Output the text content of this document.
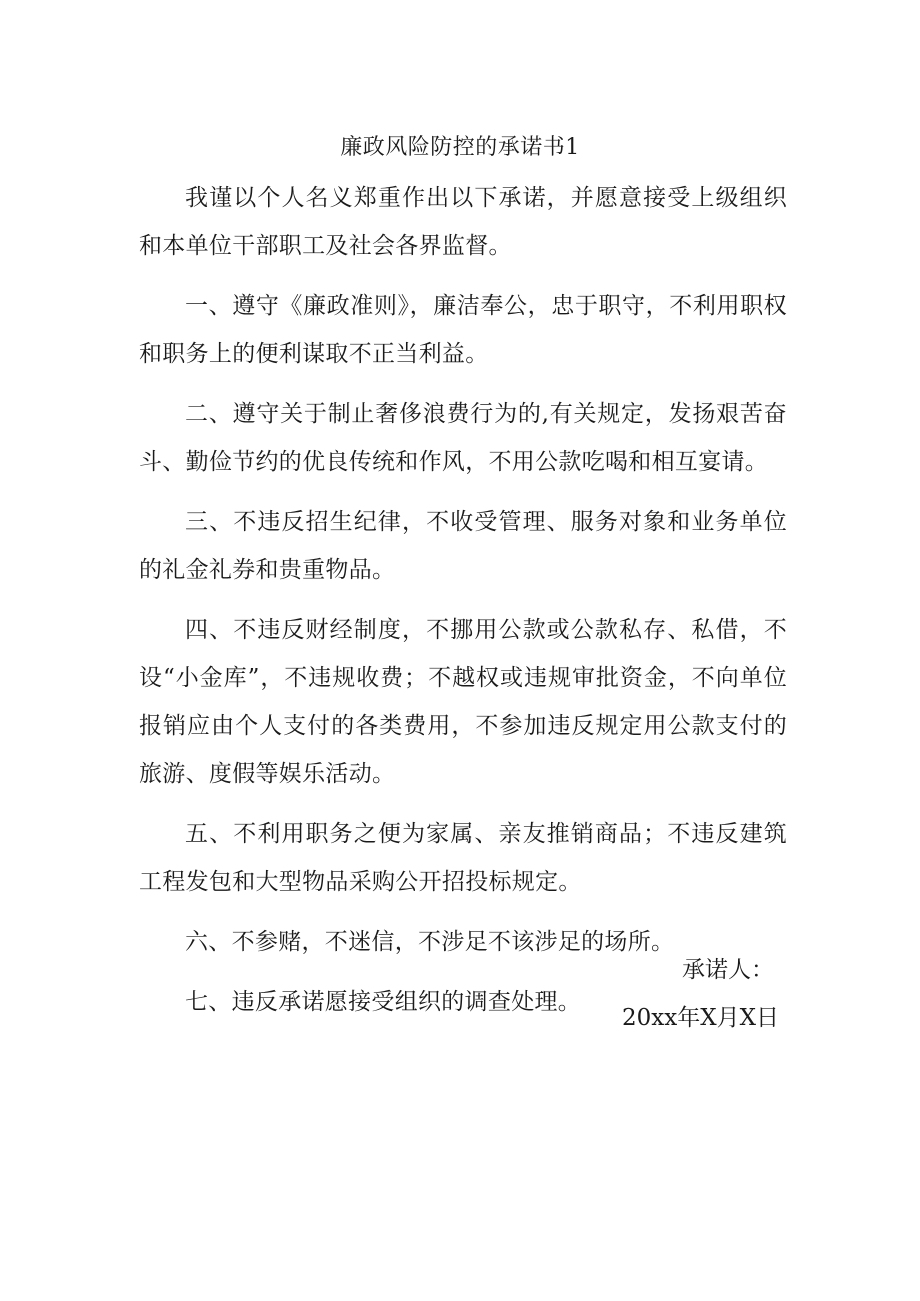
廉政风险防控的承诺书1

我谨以个人名义郑重作出以下承诺，并愿意接受上级组织和本单位干部职工及社会各界监督。

一、遵守《廉政准则》，廉洁奉公，忠于职守，不利用职权和职务上的便利谋取不正当利益。

二、遵守关于制止奢侈浪费行为的,有关规定，发扬艰苦奋斗、勤俭节约的优良传统和作风，不用公款吃喝和相互宴请。

三、不违反招生纪律，不收受管理、服务对象和业务单位的礼金礼券和贵重物品。

四、不违反财经制度，不挪用公款或公款私存、私借，不设“小金库”，不违规收费；不越权或违规审批资金，不向单位报销应由个人支付的各类费用，不参加违反规定用公款支付的旅游、度假等娱乐活动。

五、不利用职务之便为家属、亲友推销商品；不违反建筑工程发包和大型物品采购公开招投标规定。

六、不参赌，不迷信，不涉足不该涉足的场所。

七、违反承诺愿接受组织的调查处理。

承诺人：
20xx年X月X日
